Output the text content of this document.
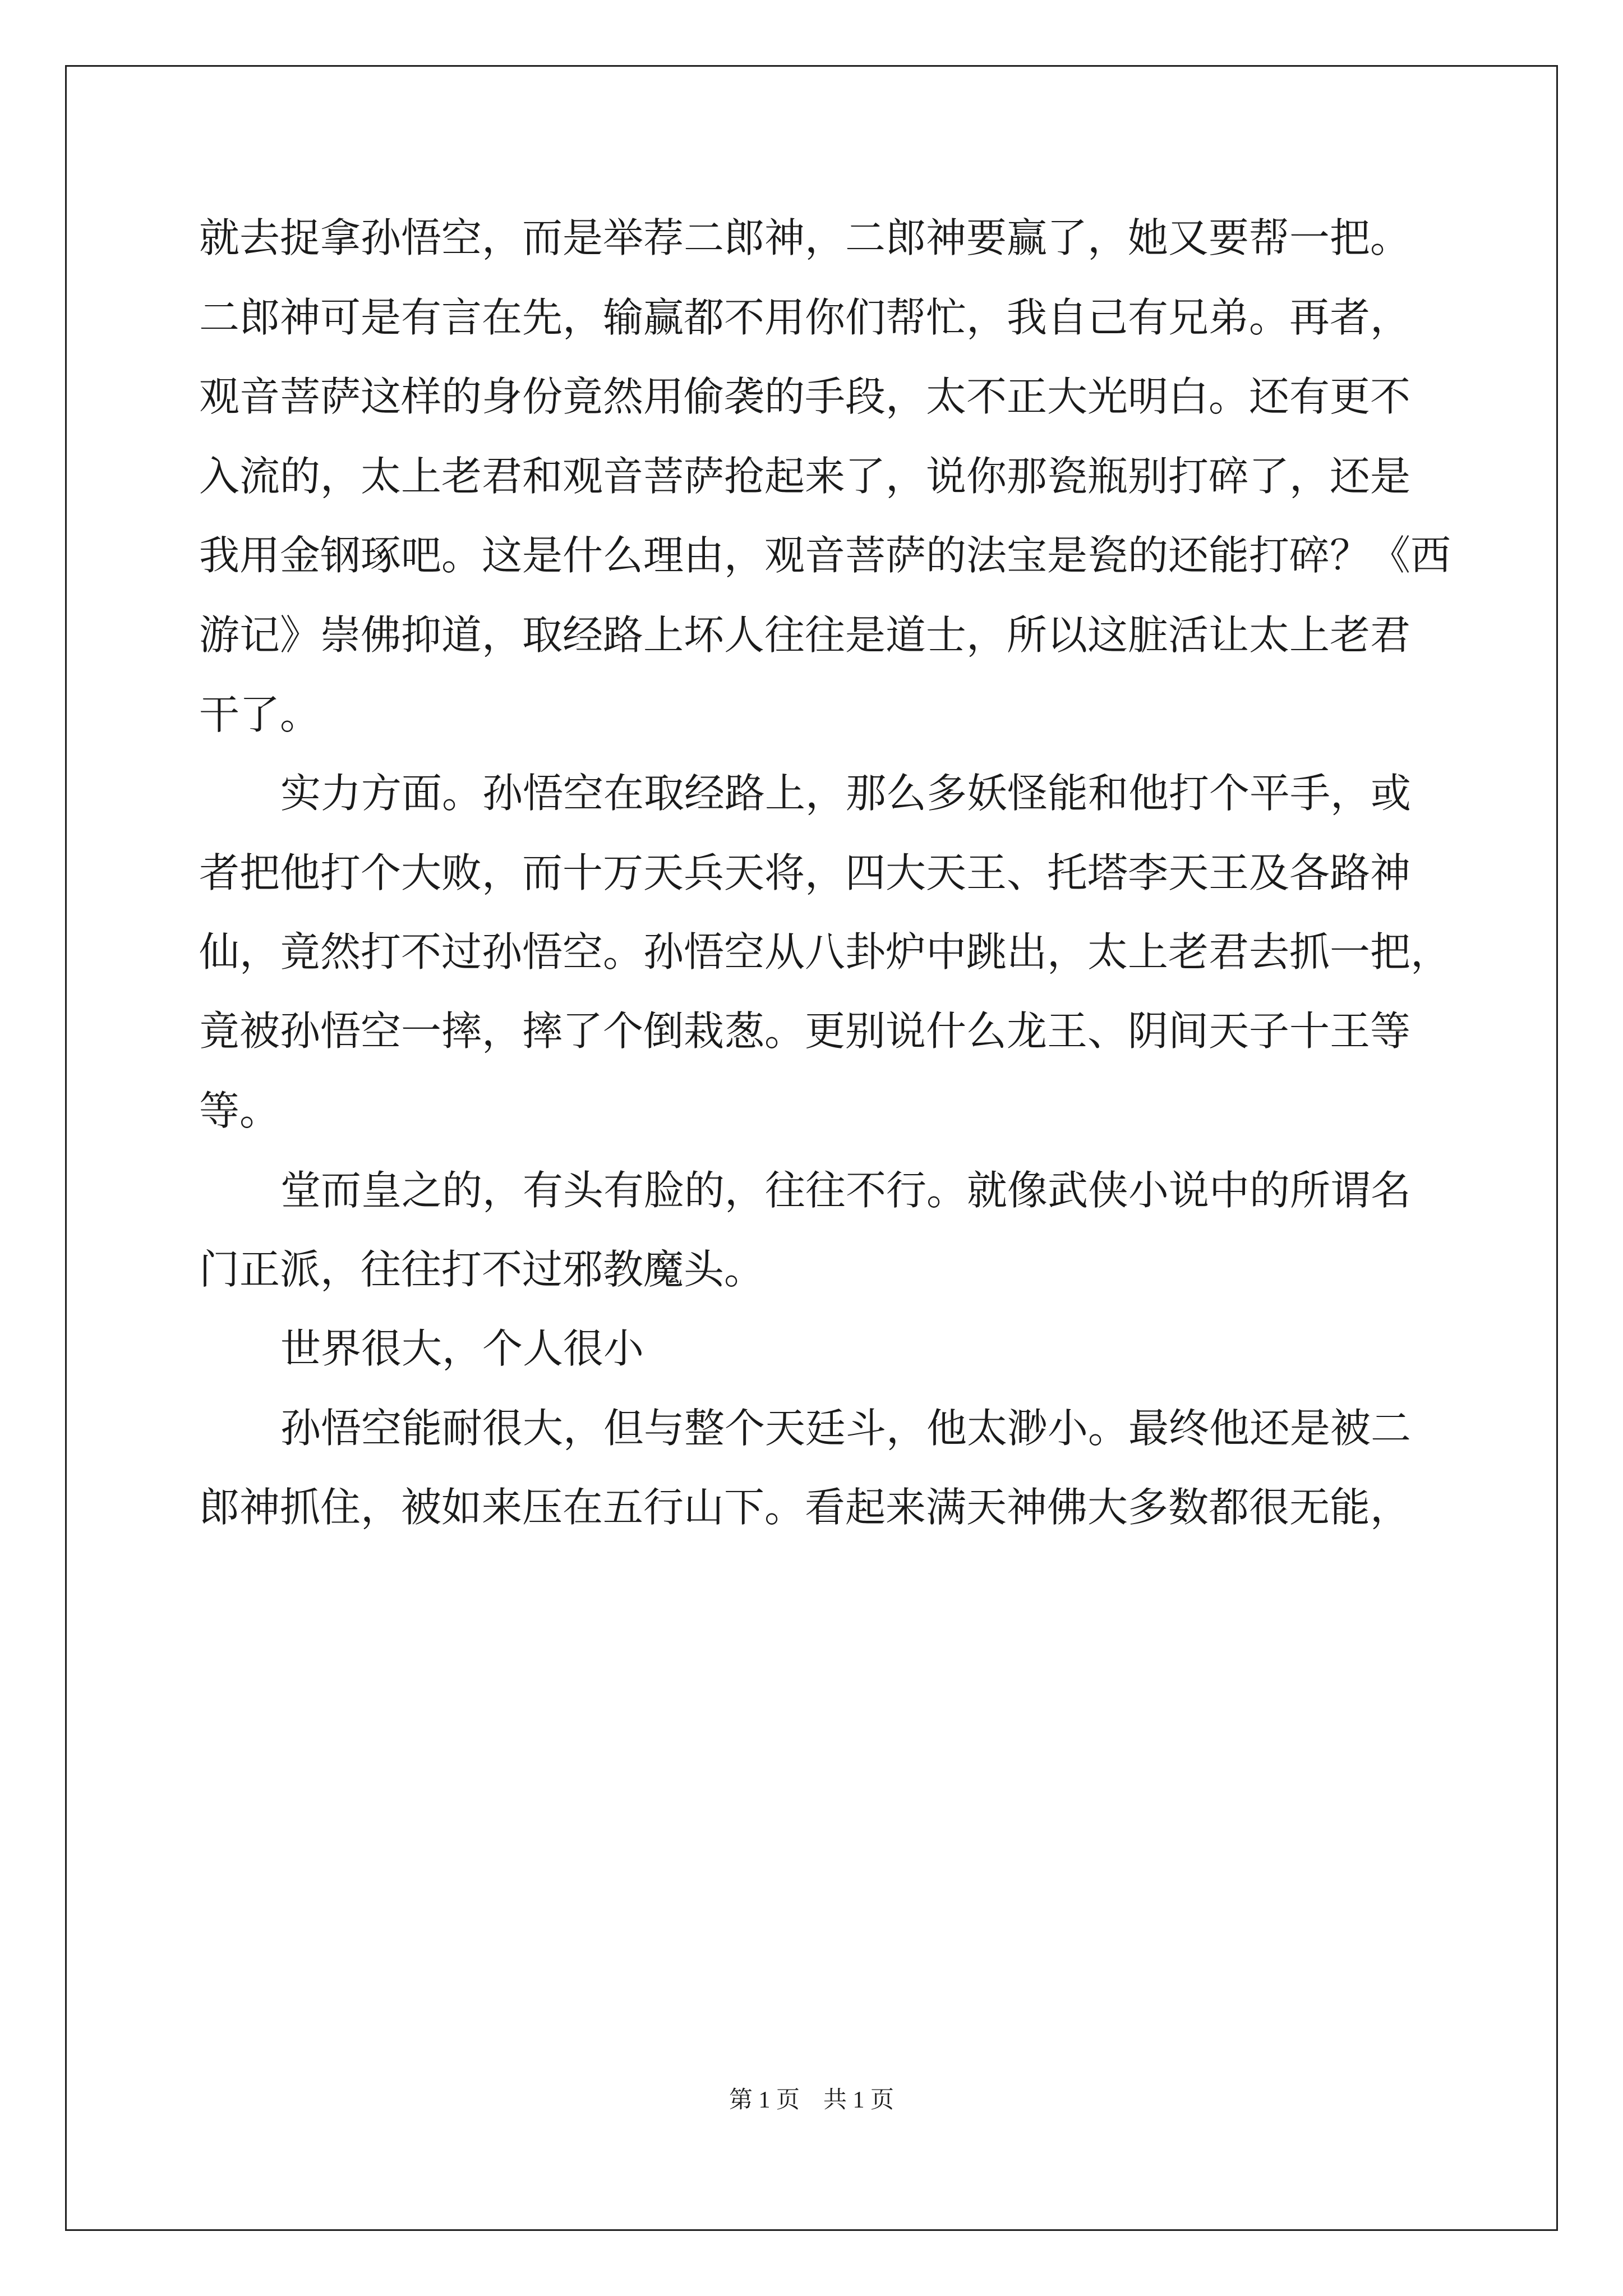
就去捉拿孙悟空，而是举荐二郎神，二郎神要赢了，她又要帮一把。
二郎神可是有言在先，输赢都不用你们帮忙，我自己有兄弟。再者，
观音菩萨这样的身份竟然用偷袭的手段，太不正大光明白。还有更不
入流的，太上老君和观音菩萨抢起来了，说你那瓷瓶别打碎了，还是
我用金钢琢吧。这是什么理由，观音菩萨的法宝是瓷的还能打碎？《西
游记》崇佛抑道，取经路上坏人往往是道士，所以这脏活让太上老君
干了。
实力方面。孙悟空在取经路上，那么多妖怪能和他打个平手，或
者把他打个大败，而十万天兵天将，四大天王、托塔李天王及各路神
仙，竟然打不过孙悟空。孙悟空从八卦炉中跳出，太上老君去抓一把，
竟被孙悟空一摔，摔了个倒栽葱。更别说什么龙王、阴间天子十王等
等。
堂而皇之的，有头有脸的，往往不行。就像武侠小说中的所谓名
门正派，往往打不过邪教魔头。
世界很大，个人很小
孙悟空能耐很大，但与整个天廷斗，他太渺小。最终他还是被二
郎神抓住，被如来压在五行山下。看起来满天神佛大多数都很无能，
第 1 页    共 1 页
